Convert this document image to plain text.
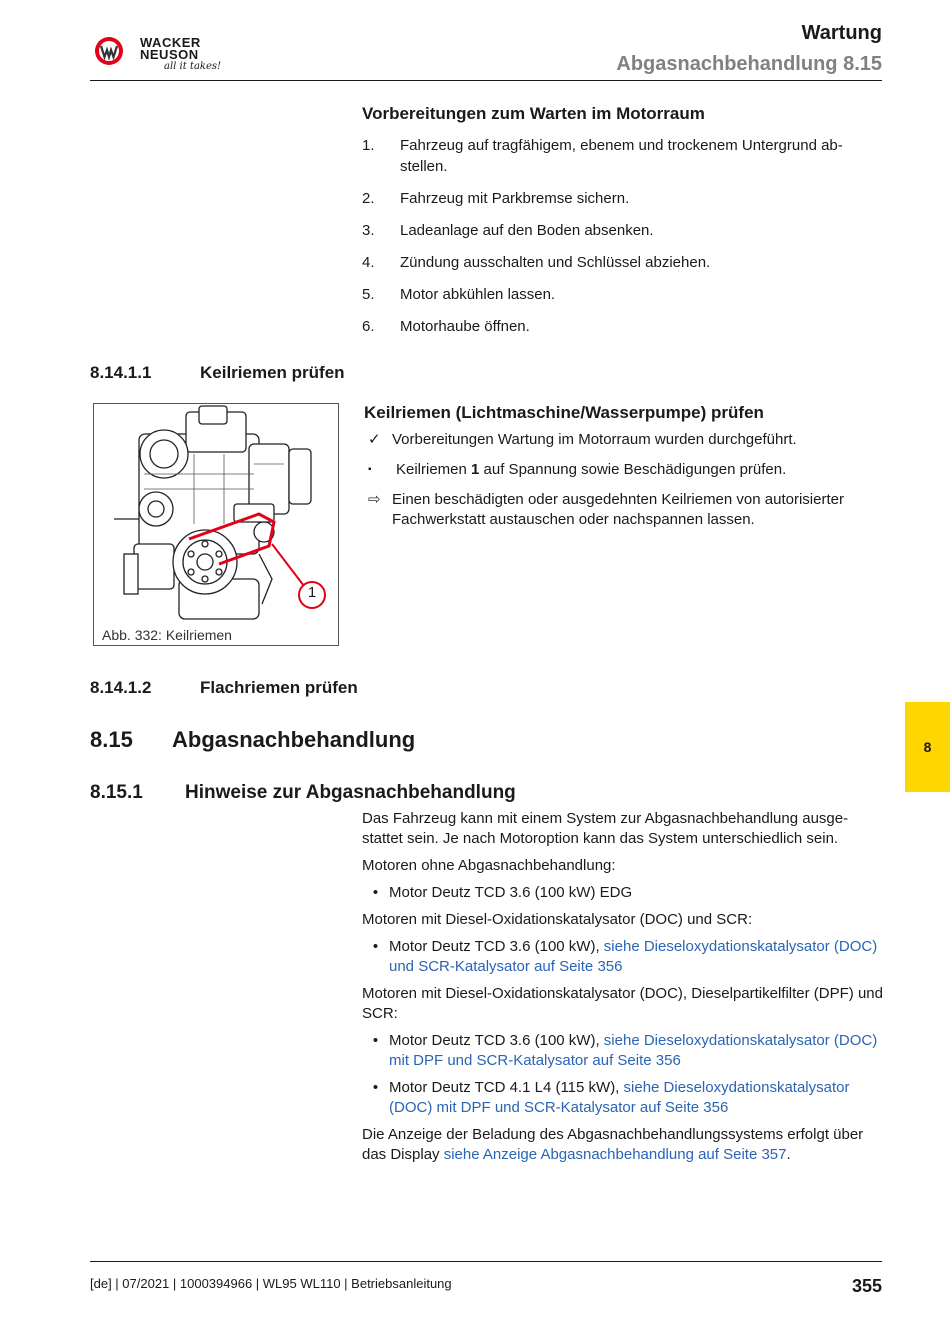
WACKER
NEUSON
all it takes!
Wartung
Abgasnachbehandlung 8.15
Vorbereitungen zum Warten im Motorraum
1.	Fahrzeug auf tragfähigem, ebenem und trockenem Untergrund ab-stellen.
2.	Fahrzeug mit Parkbremse sichern.
3.	Ladeanlage auf den Boden absenken.
4.	Zündung ausschalten und Schlüssel abziehen.
5.	Motor abkühlen lassen.
6.	Motorhaube öffnen.
8.14.1.1	Keilriemen prüfen
1
Abb. 332: Keilriemen
Keilriemen (Lichtmaschine/Wasserpumpe) prüfen
✓ Vorbereitungen Wartung im Motorraum wurden durchgeführt.
▪	Keilriemen 1 auf Spannung sowie Beschädigungen prüfen.
⇨ Einen beschädigten oder ausgedehnten Keilriemen von autorisierter Fachwerkstatt austauschen oder nachspannen lassen.
8.14.1.2	Flachriemen prüfen
8.15 Abgasnachbehandlung
8.15.1 Hinweise zur Abgasnachbehandlung

Das Fahrzeug kann mit einem System zur Abgasnachbehandlung ausge-stattet sein. Je nach Motoroption kann das System unterschiedlich sein.

Motoren ohne Abgasnachbehandlung:

• Motor Deutz TCD 3.6 (100 kW) EDG

Motoren mit Diesel-Oxidationskatalysator (DOC) und SCR:

• Motor Deutz TCD 3.6 (100 kW), siehe Dieseloxydationskatalysator (DOC) und SCR-Katalysator auf Seite 356

Motoren mit Diesel-Oxidationskatalysator (DOC), Dieselpartikelfilter (DPF) und SCR:

• Motor Deutz TCD 3.6 (100 kW), siehe Dieseloxydationskatalysator (DOC) mit DPF und SCR-Katalysator auf Seite 356
• Motor Deutz TCD 4.1 L4 (115 kW), siehe Dieseloxydationskatalysator (DOC) mit DPF und SCR-Katalysator auf Seite 356

Die Anzeige der Beladung des Abgasnachbehandlungssystems erfolgt über das Display siehe Anzeige Abgasnachbehandlung auf Seite 357.

8
[de] | 07/2021 | 1000394966 | WL95 WL110 | Betriebsanleitung	355
